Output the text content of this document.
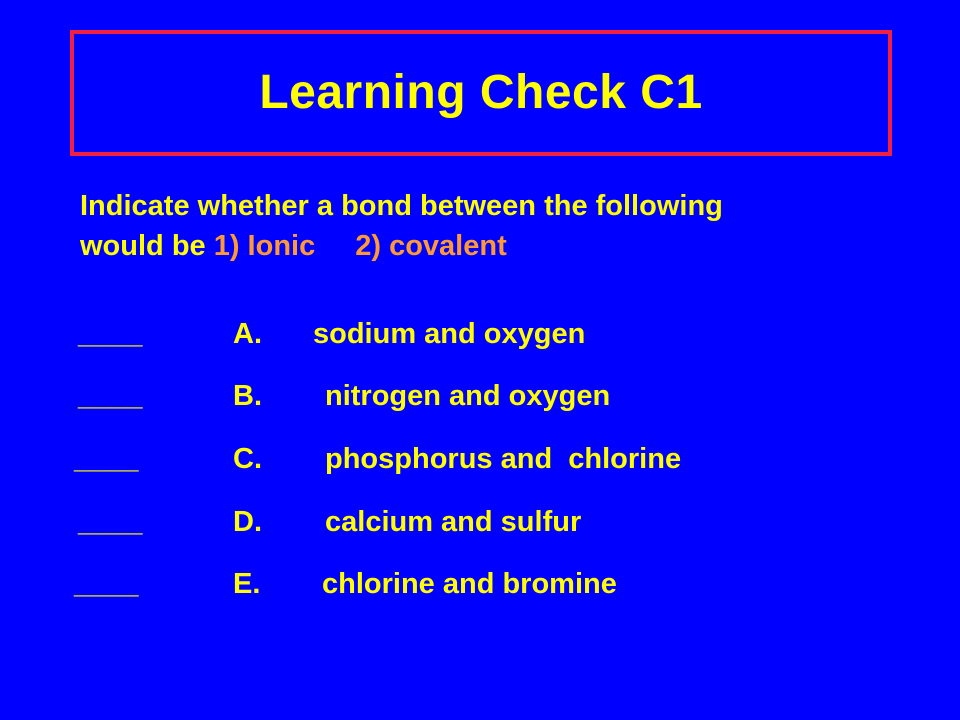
Learning Check C1
Indicate whether a bond between the following
would be 1) Ionic 2) covalent
____	A. sodium and oxygen
____	B. nitrogen and oxygen
____	C. phosphorus and  chlorine
____	D. calcium and sulfur
____	E. chlorine and bromine
